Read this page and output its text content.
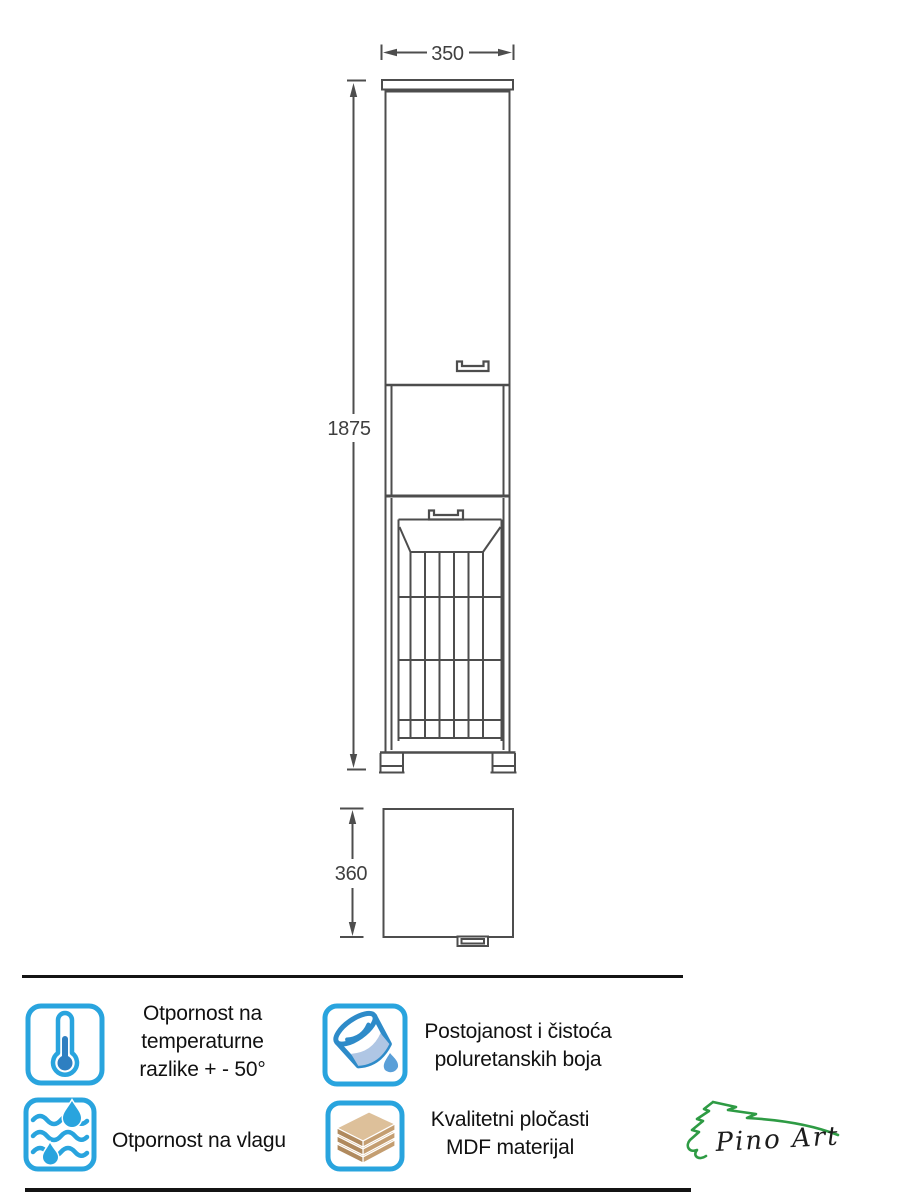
350
1875
360
Otpornost na
temperaturne
razlike + - 50°
Postojanost i čistoća
poluretanskih boja
Otpornost na vlagu
Kvalitetni pločasti
MDF materijal	Pino Art
